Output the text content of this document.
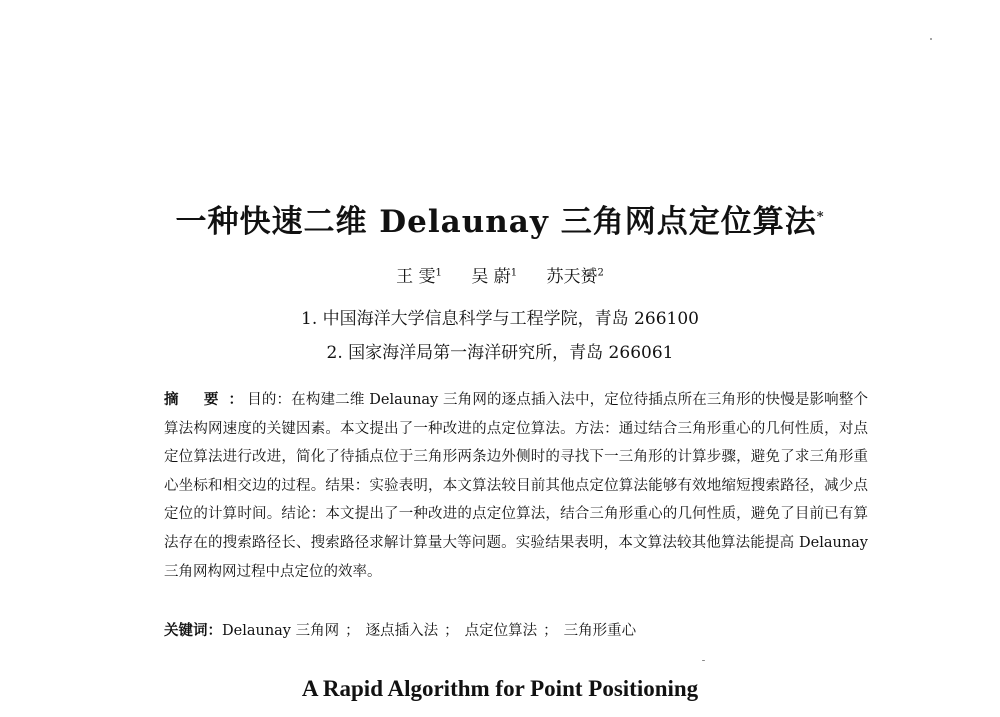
一种快速二维 Delaunay 三角网点定位算法*
王 雯$^1$ 吴 蔚$^1$ 苏天赟$^2$
1. 中国海洋大学信息科学与工程学院，青岛 266100
2. 国家海洋局第一海洋研究所，青岛 266061
摘 要： 目的：在构建二维 Delaunay 三角网的逐点插入法中，定位待插点所在三角形的快慢是影响整个算法构网速度的关键因素。本文提出了一种改进的点定位算法。方法：通过结合三角形重心的几何性质，对点定位算法进行改进，简化了待插点位于三角形两条边外侧时的寻找下一三角形的计算步骤，避免了求三角形重心坐标和相交边的过程。结果：实验表明，本文算法较目前其他点定位算法能够有效地缩短搜索路径，减少点定位的计算时间。结论：本文提出了一种改进的点定位算法，结合三角形重心的几何性质，避免了目前已有算法存在的搜索路径长、搜索路径求解计算量大等问题。实验结果表明，本文算法较其他算法能提高 Delaunay 三角网构网过程中点定位的效率。
关键词：Delaunay 三角网 ； 逐点插入法 ； 点定位算法 ； 三角形重心
A Rapid Algorithm for Point Positioning
